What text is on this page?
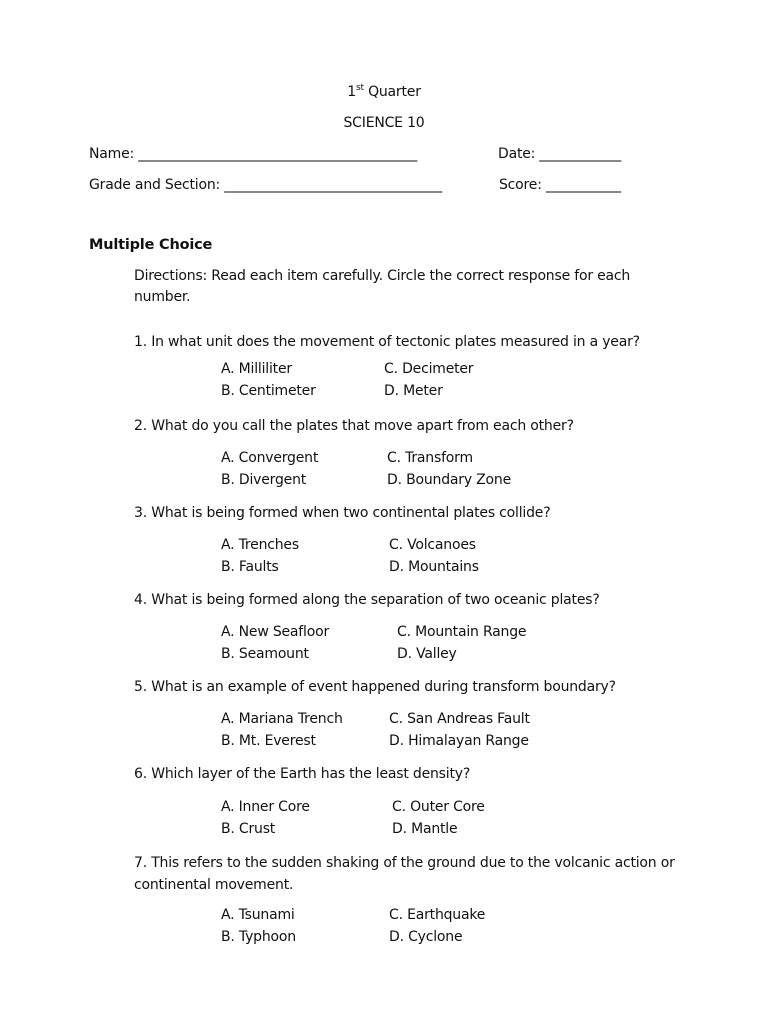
1st Quarter
SCIENCE 10
Name: _________________________________________	Date: ____________
Grade and Section: ________________________________	Score: ___________
Multiple Choice
Directions: Read each item carefully. Circle the correct response for each number.
1. In what unit does the movement of tectonic plates measured in a year?
A. Milliliter	C. Decimeter
B. Centimeter	D. Meter
2. What do you call the plates that move apart from each other?
A. Convergent	C. Transform
B. Divergent	D. Boundary Zone
3. What is being formed when two continental plates collide?
A. Trenches	C. Volcanoes
B. Faults	D. Mountains
4. What is being formed along the separation of two oceanic plates?
A. New Seafloor	C. Mountain Range
B. Seamount	D. Valley
5. What is an example of event happened during transform boundary?
A. Mariana Trench	C. San Andreas Fault
B. Mt. Everest	D. Himalayan Range
6. Which layer of the Earth has the least density?
A. Inner Core	C. Outer Core
B. Crust	D. Mantle
7. This refers to the sudden shaking of the ground due to the volcanic action or continental movement.
A. Tsunami	C. Earthquake
B. Typhoon	D. Cyclone
